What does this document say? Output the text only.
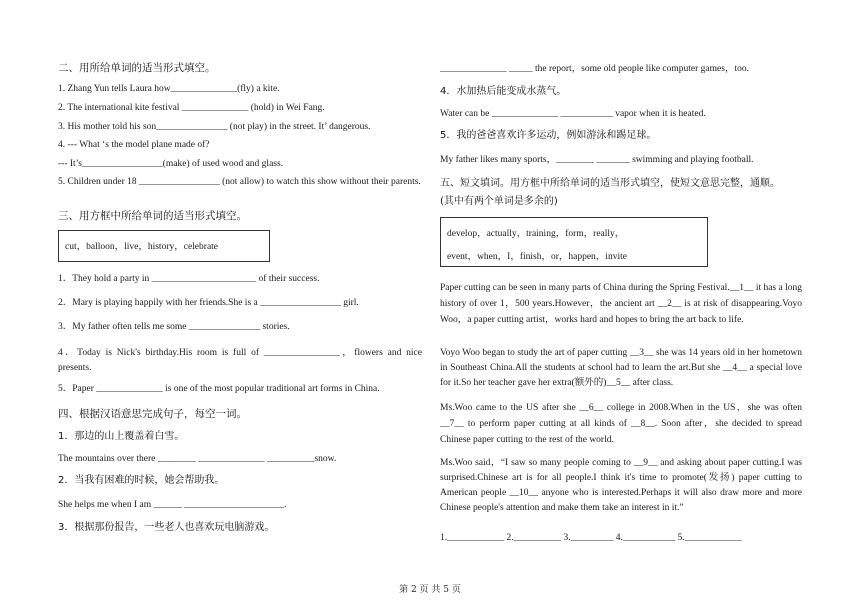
二、用所给单词的适当形式填空。
1. Zhang Yun tells Laura how______________(fly) a kite.
2. The international kite festival ______________ (hold) in Wei Fang.
3. His mother told his son_______________ (not play) in the street. It’ dangerous.
4. --- What ‘s the model plane made of?
--- It’s_________________(make) of used wood and glass.
5. Children under 18 _________________ (not allow) to watch this show without their parents.
三、用方框中所给单词的适当形式填空。
cut，balloon，live，history，celebrate
1．They hold a party in ______________________ of their success.
2．Mary is playing happily with her friends.She is a _________________ girl.
3．My father often tells me some _______________ stories.
4．Today is Nick's birthday.His room is full of ________________，flowers and nice presents.
5．Paper ______________ is one of the most popular traditional art forms in China.
四、根据汉语意思完成句子，每空一词。
1．那边的山上覆盖着白雪。
The mountains over there ________ ______________ __________snow.
2．当我有困难的时候，她会帮助我。
She helps me when I am ______ _____________________.
3．根据那份报告，一些老人也喜欢玩电脑游戏。
______________ _____ the report，some old people like computer games，too.
4．水加热后能变成水蒸气。
Water can be ______________ ___________ vapor when it is heated.
5．我的爸爸喜欢许多运动，例如游泳和踢足球。
My father likes many sports，________ _______ swimming and playing football.
五、短文填词。用方框中所给单词的适当形式填空，使短文意思完整，通顺。
(其中有两个单词是多余的)
develop，actually，training，form，really，
event，when，I，finish，or，happen，invite
Paper cutting can be seen in many parts of China during the Spring Festival.__1__ it has a long history of over 1，500 years.However，the ancient art __2__ is at risk of disappearing.Voyo Woo，a paper cutting artist，works hard and hopes to bring the art back to life.
Voyo Woo began to study the art of paper cutting __3__ she was 14 years old in her hometown in Southeast China.All the students at school had to learn the art.But she __4__ a special love for it.So her teacher gave her extra(额外的)__5__ after class.
Ms.Woo came to the US after she __6__ college in 2008.When in the US，she was often __7__ to perform paper cutting at all kinds of __8__. Soon after，she decided to spread Chinese paper cutting to the rest of the world.
Ms.Woo said，“I saw so many people coming to __9__ and asking about paper cutting.I was surprised.Chinese art is for all people.I think it's time to promote(发扬) paper cutting to American people __10__ anyone who is interested.Perhaps it will also draw more and more Chinese people's attention and make them take an interest in it.”
1.____________ 2.__________ 3._________ 4.___________ 5.____________
第 2 页 共 5 页
